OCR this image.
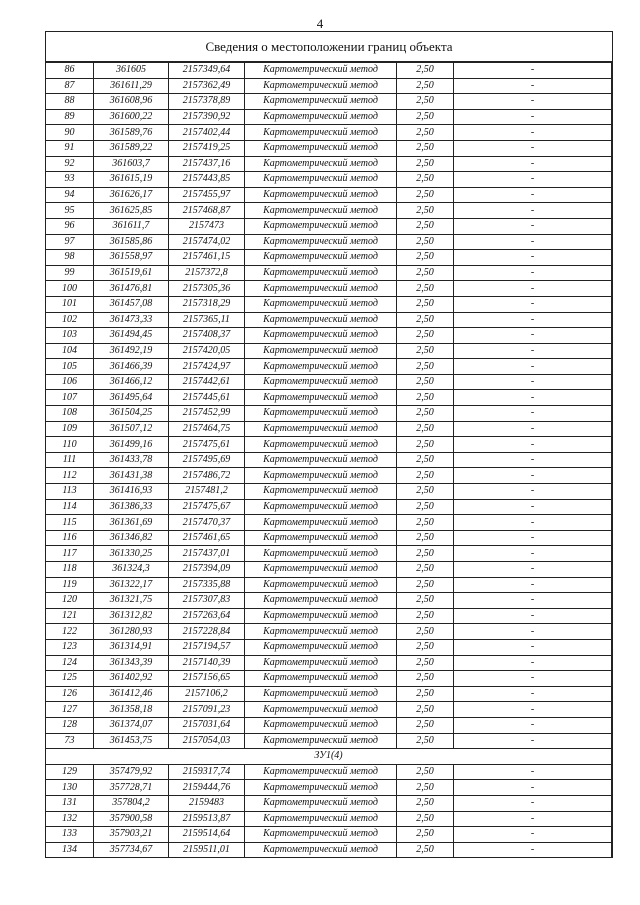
4
Сведения о местоположении границ объекта
86	361605	2157349,64	Картометрический метод	2,50	-
87	361611,29	2157362,49	Картометрический метод	2,50	-
88	361608,96	2157378,89	Картометрический метод	2,50	-
89	361600,22	2157390,92	Картометрический метод	2,50	-
90	361589,76	2157402,44	Картометрический метод	2,50	-
91	361589,22	2157419,25	Картометрический метод	2,50	-
92	361603,7	2157437,16	Картометрический метод	2,50	-
93	361615,19	2157443,85	Картометрический метод	2,50	-
94	361626,17	2157455,97	Картометрический метод	2,50	-
95	361625,85	2157468,87	Картометрический метод	2,50	-
96	361611,7	2157473	Картометрический метод	2,50	-
97	361585,86	2157474,02	Картометрический метод	2,50	-
98	361558,97	2157461,15	Картометрический метод	2,50	-
99	361519,61	2157372,8	Картометрический метод	2,50	-
100	361476,81	2157305,36	Картометрический метод	2,50	-
101	361457,08	2157318,29	Картометрический метод	2,50	-
102	361473,33	2157365,11	Картометрический метод	2,50	-
103	361494,45	2157408,37	Картометрический метод	2,50	-
104	361492,19	2157420,05	Картометрический метод	2,50	-
105	361466,39	2157424,97	Картометрический метод	2,50	-
106	361466,12	2157442,61	Картометрический метод	2,50	-
107	361495,64	2157445,61	Картометрический метод	2,50	-
108	361504,25	2157452,99	Картометрический метод	2,50	-
109	361507,12	2157464,75	Картометрический метод	2,50	-
110	361499,16	2157475,61	Картометрический метод	2,50	-
111	361433,78	2157495,69	Картометрический метод	2,50	-
112	361431,38	2157486,72	Картометрический метод	2,50	-
113	361416,93	2157481,2	Картометрический метод	2,50	-
114	361386,33	2157475,67	Картометрический метод	2,50	-
115	361361,69	2157470,37	Картометрический метод	2,50	-
116	361346,82	2157461,65	Картометрический метод	2,50	-
117	361330,25	2157437,01	Картометрический метод	2,50	-
118	361324,3	2157394,09	Картометрический метод	2,50	-
119	361322,17	2157335,88	Картометрический метод	2,50	-
120	361321,75	2157307,83	Картометрический метод	2,50	-
121	361312,82	2157263,64	Картометрический метод	2,50	-
122	361280,93	2157228,84	Картометрический метод	2,50	-
123	361314,91	2157194,57	Картометрический метод	2,50	-
124	361343,39	2157140,39	Картометрический метод	2,50	-
125	361402,92	2157156,65	Картометрический метод	2,50	-
126	361412,46	2157106,2	Картометрический метод	2,50	-
127	361358,18	2157091,23	Картометрический метод	2,50	-
128	361374,07	2157031,64	Картометрический метод	2,50	-
73	361453,75	2157054,03	Картометрический метод	2,50	-
ЗУ1(4)					
129	357479,92	2159317,74	Картометрический метод	2,50	-
130	357728,71	2159444,76	Картометрический метод	2,50	-
131	357804,2	2159483	Картометрический метод	2,50	-
132	357900,58	2159513,87	Картометрический метод	2,50	-
133	357903,21	2159514,64	Картометрический метод	2,50	-
134	357734,67	2159511,01	Картометрический метод	2,50	-
